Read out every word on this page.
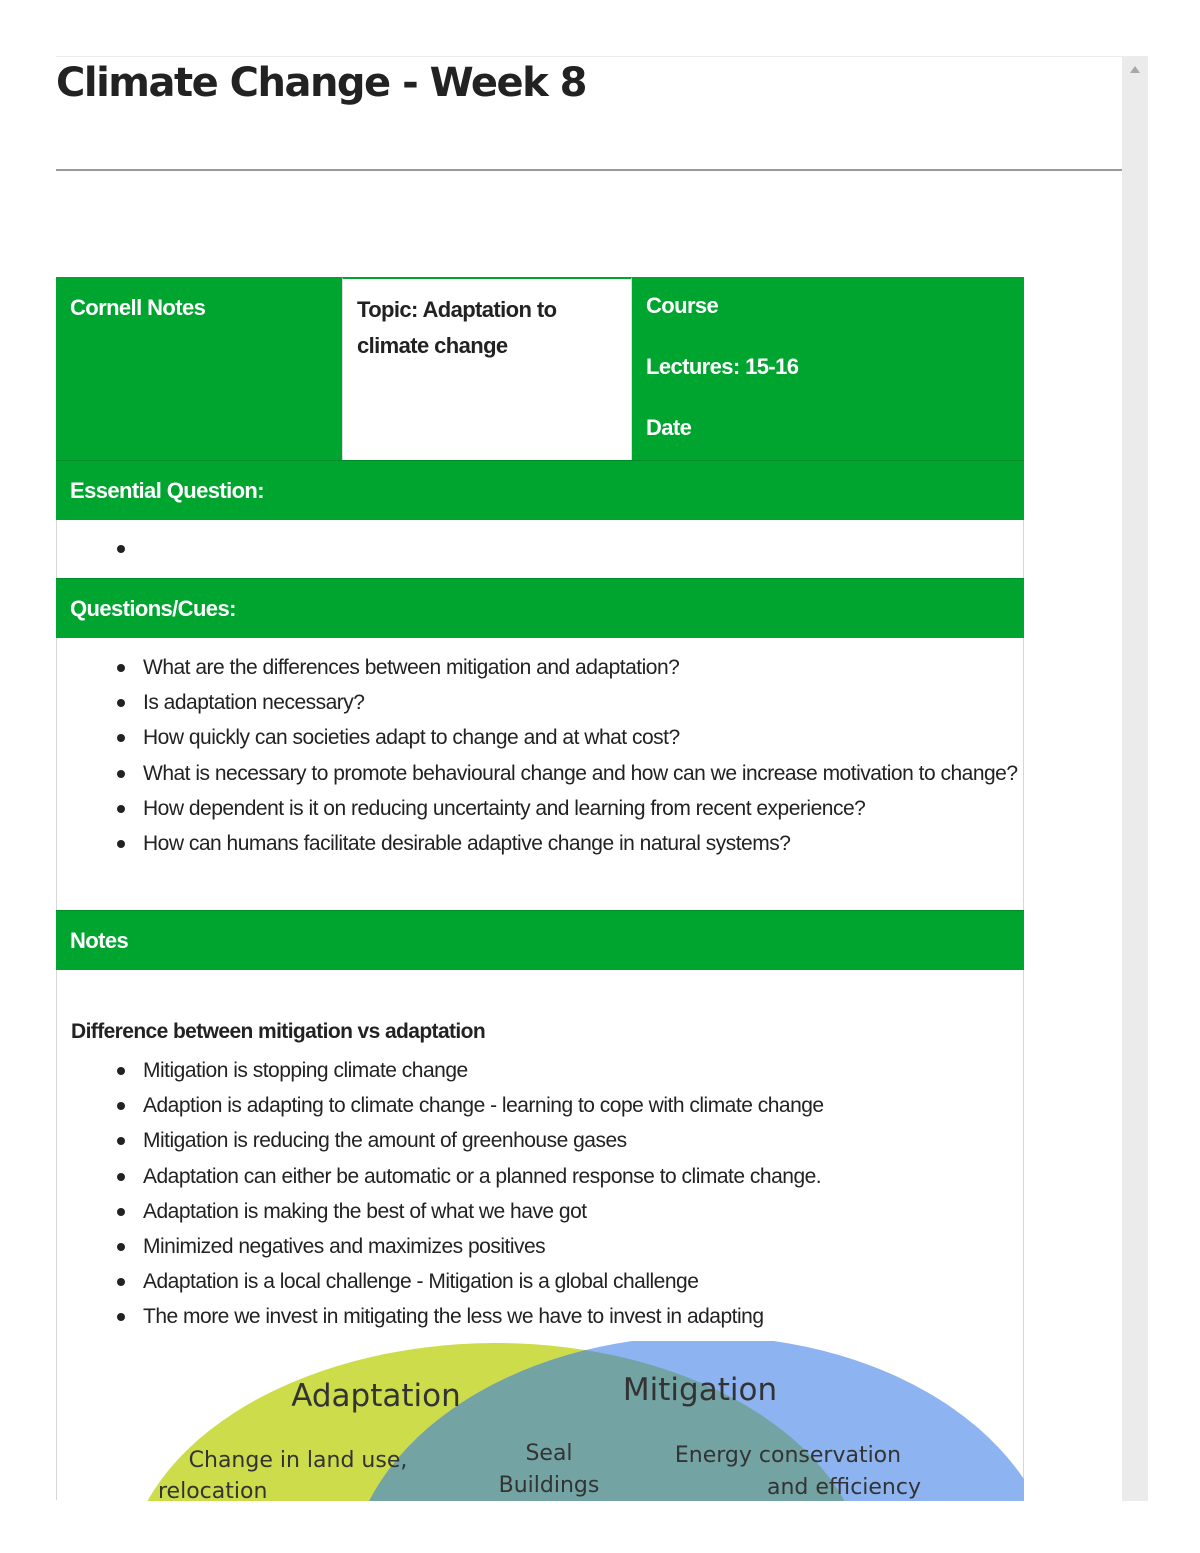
Climate Change - Week 8
Cornell Notes	Topic: Adaptation to climate change
Course
Lectures: 15-16
Date
Essential Question:
Questions/Cues:
What are the differences between mitigation and adaptation?
Is adaptation necessary?
How quickly can societies adapt to change and at what cost?
What is necessary to promote behavioural change and how can we increase motivation to change?
How dependent is it on reducing uncertainty and learning from recent experience?
How can humans facilitate desirable adaptive change in natural systems?
Notes

Difference between mitigation vs adaptation

Mitigation is stopping climate change
Adaption is adapting to climate change - learning to cope with climate change
Mitigation is reducing the amount of greenhouse gases
Adaptation can either be automatic or a planned response to climate change.
Adaptation is making the best of what we have got
Minimized negatives and maximizes positives
Adaptation is a local challenge - Mitigation is a global challenge
The more we invest in mitigating the less we have to invest in adapting
Adaptation
Change in land use,
relocation
Seal
Buildings
Mitigation
Energy conservation
and efficiency
